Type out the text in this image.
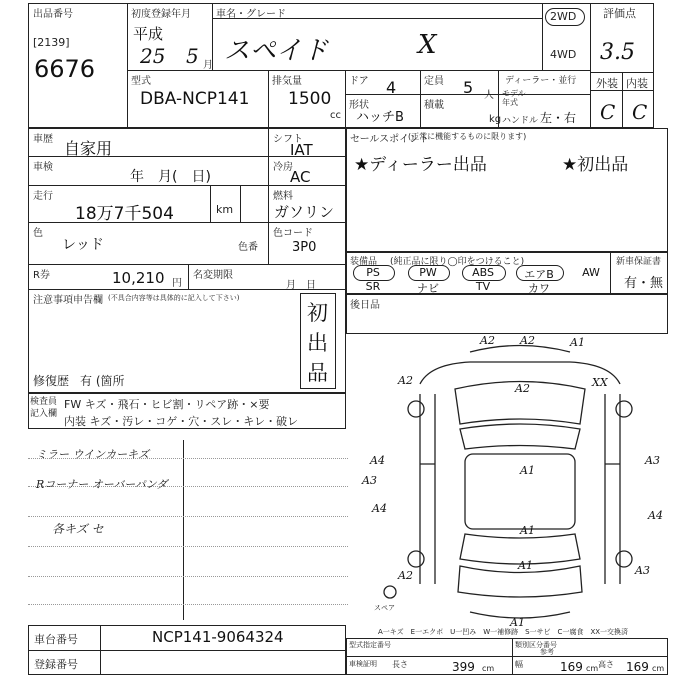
出品番号
[2139]
6676
初度登録年月
平成
25 5 月
車名・グレード
スペイド	X
2WD
4WD
評価点
3.5
型式
DBA-NCP141
排気量
1500
cc
ドア 4	定員 5 人
形状
ハッチB
積載
kg
ディーラー・並行
モデル年式
ハンドル 左・右
外装 内装
C C
車歴 自家用
車検
年　月(　日)
走行
18万7千504	km
色
レッド	色番
シフト
IAT
冷房
AC
燃料
ガソリン
色コード
3P0
R券	10,210 円
名変期限
月　日
注意事項申告欄 (不具合内容等は具体的に記入して下さい)
修復歴 有 (箇所
初
出
品
セールスポイント
(正常に機能するものに限ります)
★ディーラー出品	★初出品
装備品 (純正品に限り◯印をつけること)
PS	PW	ABS	エアB	AW
SR	ナビ	TV	カワ
新車保証書
有・無
後日品
検査員記入欄
FW キズ・飛石・ヒビ割・リペア跡・×要
内装 キズ・汚レ・コゲ・穴・スレ・キレ・破レ
ミラー ウインカーキズ
Rコーナー オーバーパンダ
各キズ セ
A2 A2	A1
A2
A2	XX
A1
A4	A3
A3
A1
A4
A4
A1
A2	A3
A1
スペア
A一キズ　E一エクボ　U一凹み　W一補修跡　S一サビ　C一腐食　XX一交換済
車台番号	NCP141-9064324
登録番号
型式指定番号	類別区分番号
参考
車検証明 長さ	399 cm	幅	169 cm 高さ 169 cm
